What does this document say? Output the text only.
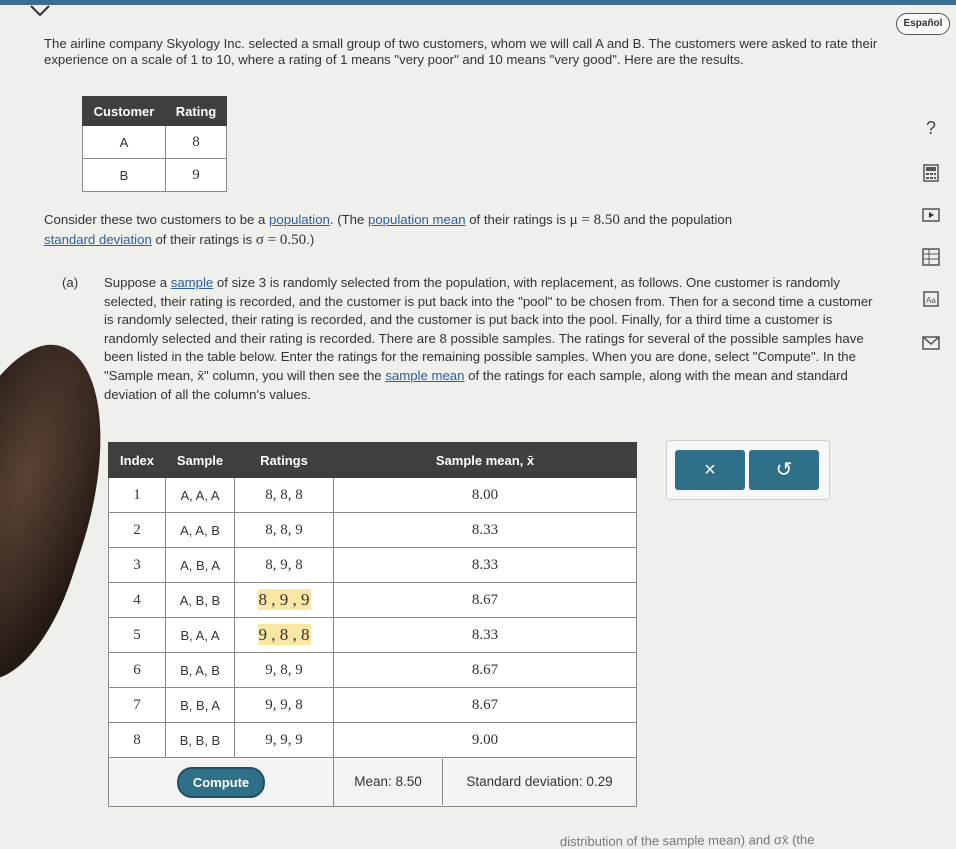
Español
The airline company Skyology Inc. selected a small group of two customers, whom we will call A and B. The customers were asked to rate their experience on a scale of 1 to 10, where a rating of 1 means "very poor" and 10 means "very good". Here are the results.
Customer	Rating
A	8
B	9
Consider these two customers to be a population. (The population mean of their ratings is μ = 8.50 and the population
standard deviation of their ratings is σ = 0.50.)
(a) Suppose a sample of size 3 is randomly selected from the population, with replacement, as follows. One customer is randomly selected, their rating is recorded, and the customer is put back into the "pool" to be chosen from. Then for a second time a customer is randomly selected, their rating is recorded, and the customer is put back into the pool. Finally, for a third time a customer is randomly selected and their rating is recorded. There are 8 possible samples. The ratings for several of the possible samples have been listed in the table below. Enter the ratings for the remaining possible samples. When you are done, select "Compute". In the "Sample mean, x̄" column, you will then see the sample mean of the ratings for each sample, along with the mean and standard deviation of all the column's values.
Index	Sample	Ratings	Sample mean, x̄
1	A, A, A	8, 8, 8	8.00
2	A, A, B	8, 8, 9	8.33
3	A, B, A	8, 9, 8	8.33
4	A, B, B	8 , 9 , 9	8.67
5	B, A, A	9 , 8 , 8	8.33
6	B, A, B	9, 8, 9	8.67
7	B, B, A	9, 9, 8	8.67
8	B, B, B	9, 9, 9	9.00
Compute			Mean: 8.50 Standard deviation: 0.29
×	↺
?
Aa
distribution of the sample mean) and σx̄ (the
